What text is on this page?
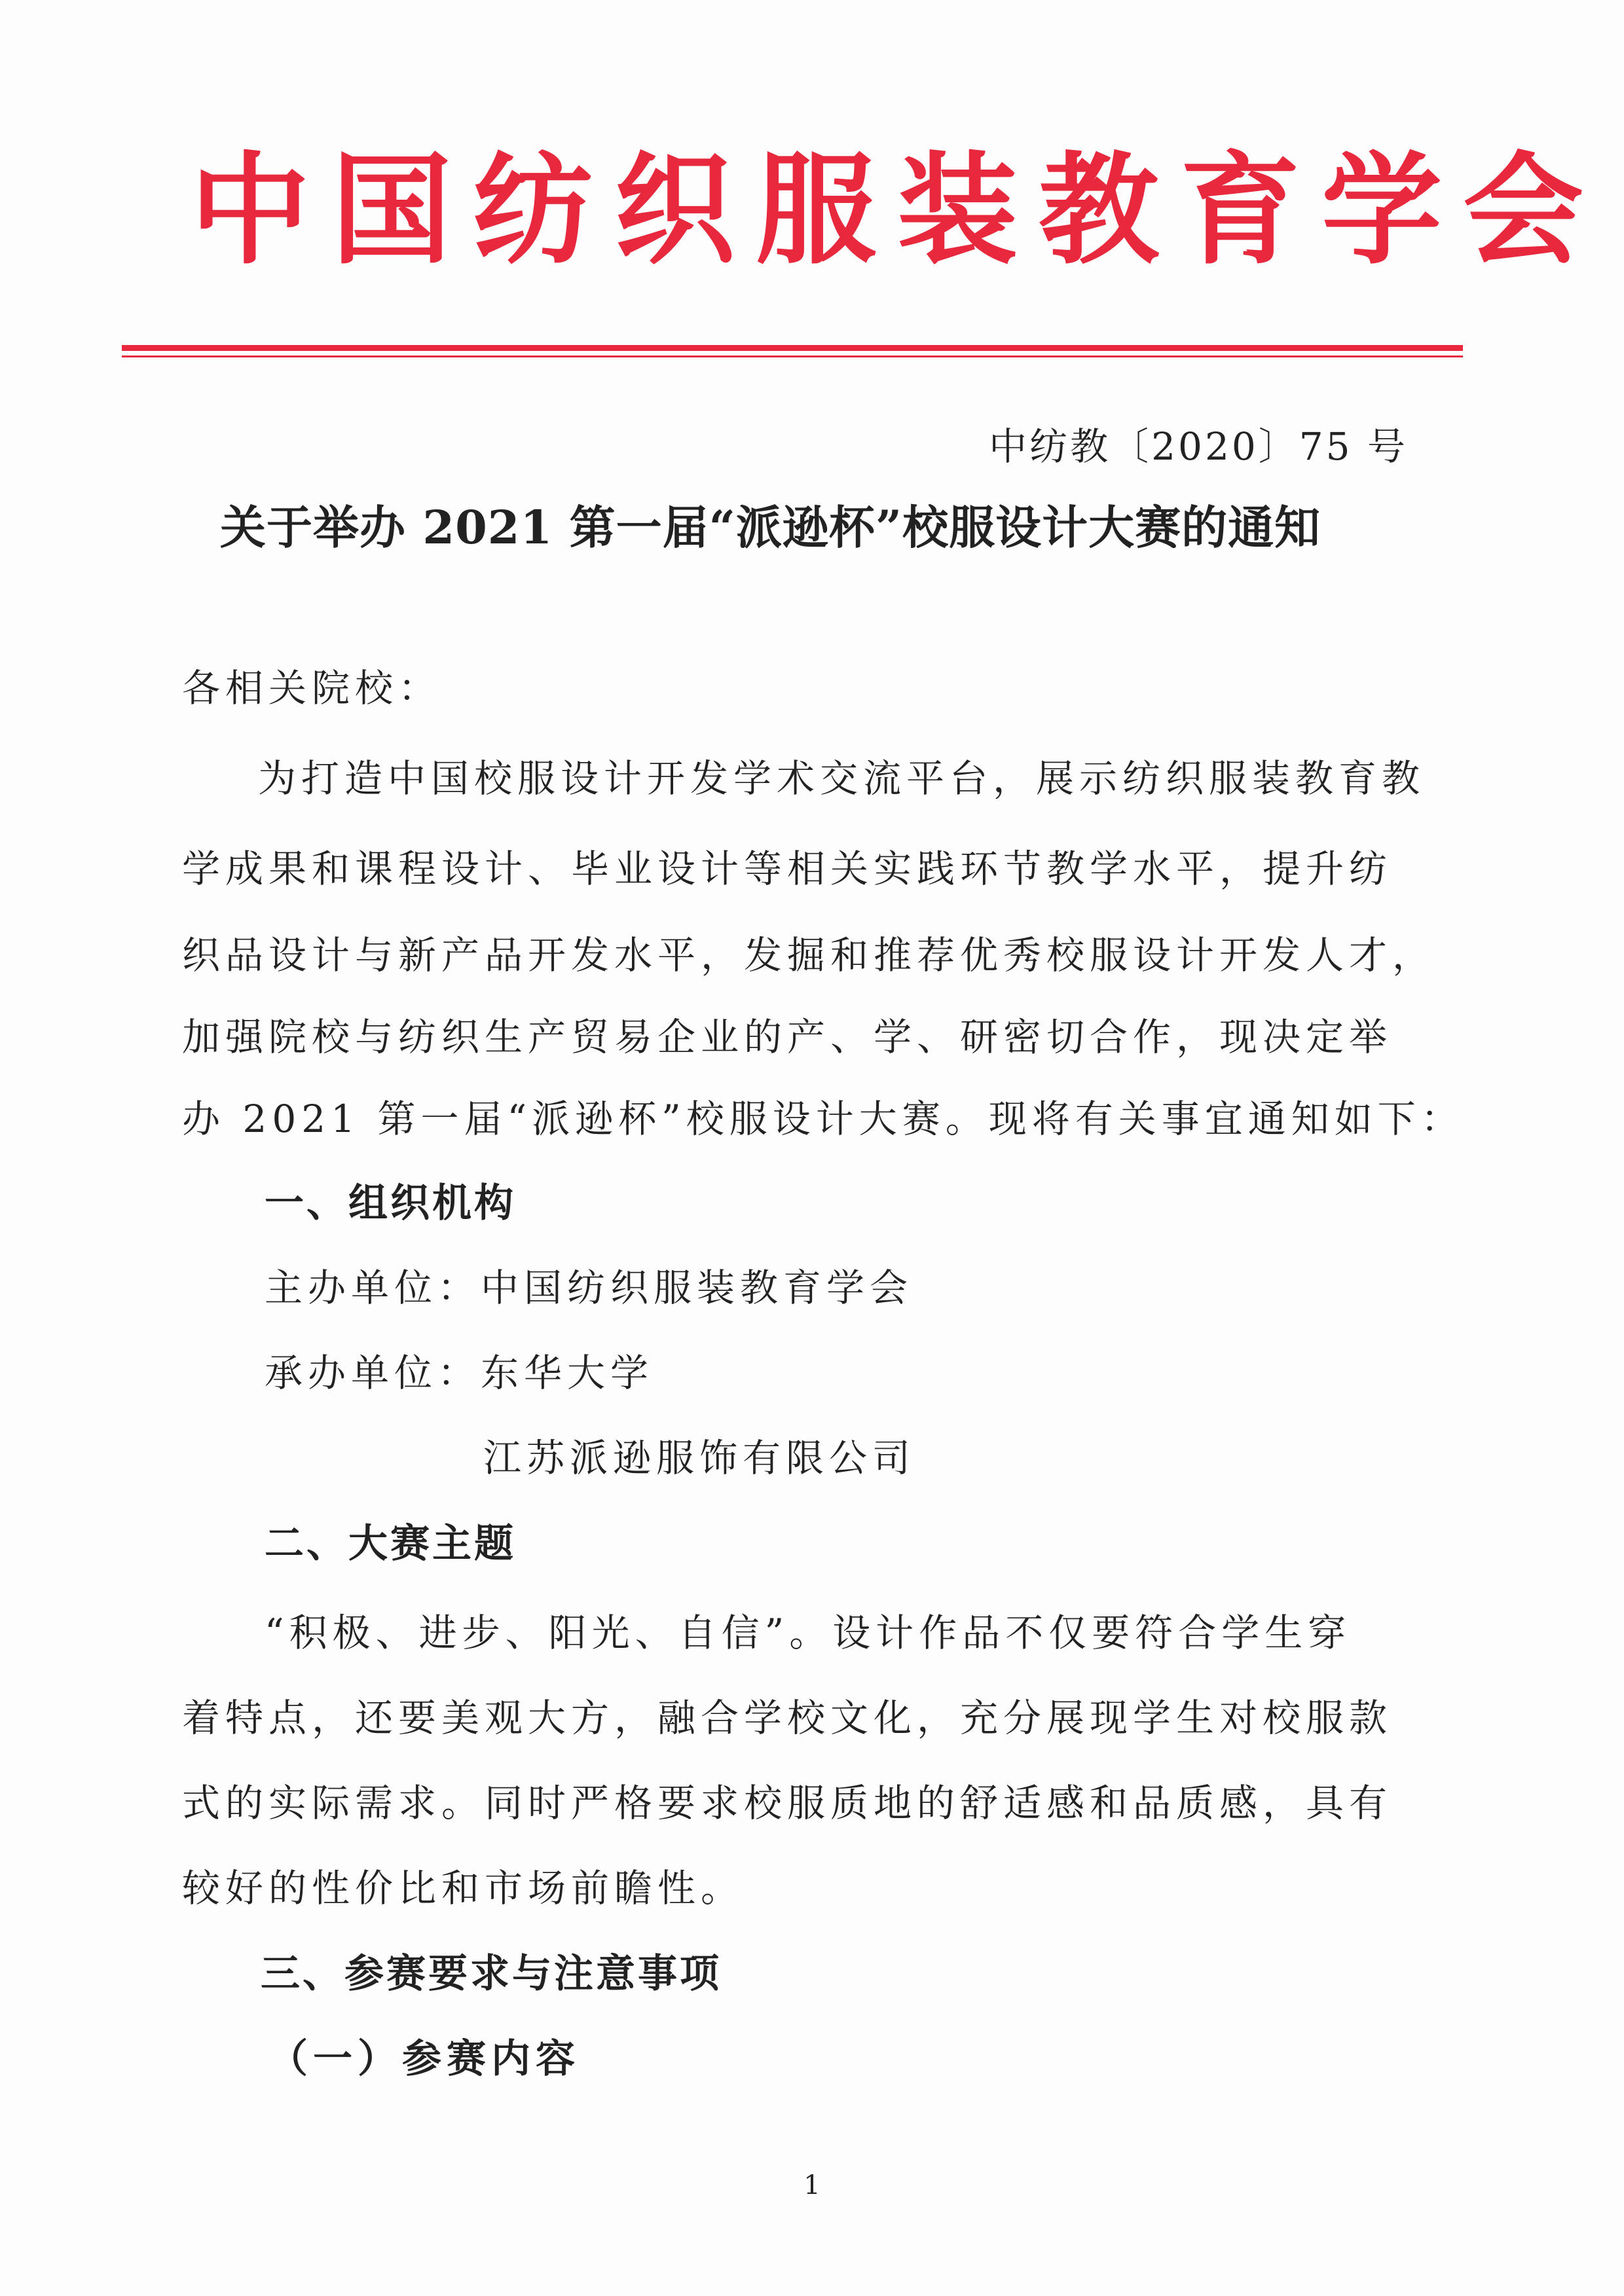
中国纺织服装教育学会
中纺教〔2020〕75 号
关于举办 2021 第一届“派逊杯”校服设计大赛的通知
各相关院校：
为打造中国校服设计开发学术交流平台，展示纺织服装教育教
学成果和课程设计、毕业设计等相关实践环节教学水平，提升纺
织品设计与新产品开发水平，发掘和推荐优秀校服设计开发人才，
加强院校与纺织生产贸易企业的产、学、研密切合作，现决定举
办 2021 第一届“派逊杯”校服设计大赛。现将有关事宜通知如下：
一、组织机构
主办单位：中国纺织服装教育学会
承办单位：东华大学
江苏派逊服饰有限公司
二、大赛主题
“积极、进步、阳光、自信”。设计作品不仅要符合学生穿
着特点，还要美观大方，融合学校文化，充分展现学生对校服款
式的实际需求。同时严格要求校服质地的舒适感和品质感，具有
较好的性价比和市场前瞻性。
三、参赛要求与注意事项
（一）参赛内容
1
